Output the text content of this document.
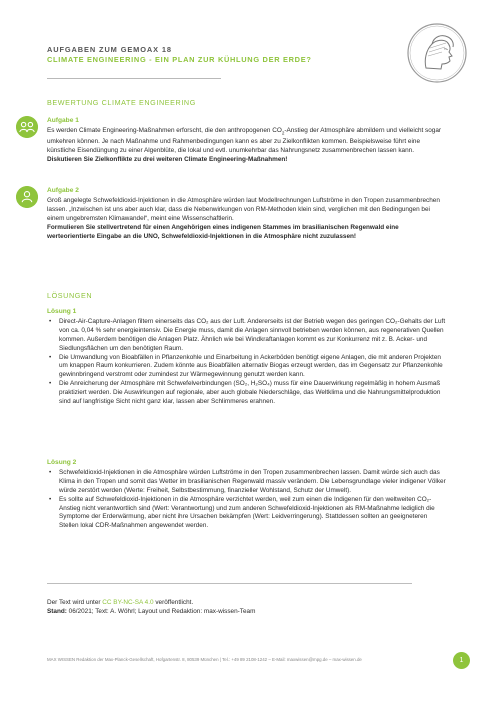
AUFGABEN ZUM GEMOAX 18
CLIMATE ENGINEERING - EIN PLAN ZUR KÜHLUNG DER ERDE?
BEWERTUNG CLIMATE ENGINEERING
Aufgabe 1
Es werden Climate Engineering-Maßnahmen erforscht, die den anthropogenen $CO_2$-Anstieg der Atmosphäre abmildern und vielleicht sogar umkehren können. Je nach Maßnahme und Rahmenbedingungen kann es aber zu Zielkonflikten kommen. Beispielsweise führt eine künstliche Eisendüngung zu einer Algenblüte, die lokal und evtl. unumkehrbar das Nahrungsnetz zusammenbrechen lassen kann.
Diskutieren Sie Zielkonflikte zu drei weiteren Climate Engineering-Maßnahmen!
Aufgabe 2
Groß angelegte Schwefeldioxid-Injektionen in die Atmosphäre würden laut Modellrechnungen Luftströme in den Tropen zusammenbrechen lassen. „Inzwischen ist uns aber auch klar, dass die Nebenwirkungen von RM-Methoden klein sind, verglichen mit den Bedingungen bei einem ungebremsten Klimawandel“, meint eine Wissenschaftlerin.
Formulieren Sie stellvertretend für einen Angehörigen eines indigenen Stammes im brasilianischen Regenwald eine werteorientierte Eingabe an die UNO, Schwefeldioxid-Injektionen in die Atmosphäre nicht zuzulassen!
LÖSUNGEN
Lösung 1
• Direct-Air-Capture-Anlagen filtern einerseits das CO₂ aus der Luft. Andererseits ist der Betrieb wegen des geringen CO₂-Gehalts der Luft von ca. 0,04 % sehr energieintensiv. Die Energie muss, damit die Anlagen sinnvoll betrieben werden können, aus regenerativen Quellen kommen. Außerdem benötigen die Anlagen Platz. Ähnlich wie bei Windkraftanlagen kommt es zur Konkurrenz mit z. B. Acker- und Siedlungsflächen um den benötigten Raum.
• Die Umwandlung von Bioabfällen in Pflanzenkohle und Einarbeitung in Ackerböden benötigt eigene Anlagen, die mit anderen Projekten um knappen Raum konkurrieren. Zudem könnte aus Bioabfällen alternativ Biogas erzeugt werden, das im Gegensatz zur Pflanzenkohle gewinnbringend verstromt oder zumindest zur Wärmegewinnung genutzt werden kann.
• Die Anreicherung der Atmosphäre mit Schwefelverbindungen (SO₂, H₂SO₄) muss für eine Dauerwirkung regelmäßig in hohem Ausmaß praktiziert werden. Die Auswirkungen auf regionale, aber auch globale Niederschläge, das Weltklima und die Nahrungsmittelproduktion sind auf langfristige Sicht nicht ganz klar, lassen aber Schlimmeres erahnen.
Lösung 2
• Schwefeldioxid-Injektionen in die Atmosphäre würden Luftströme in den Tropen zusammenbrechen lassen. Damit würde sich auch das Klima in den Tropen und somit das Wetter im brasilianischen Regenwald massiv verändern. Die Lebensgrundlage vieler indigener Völker würde zerstört werden (Werte: Freiheit, Selbstbestimmung, finanzieller Wohlstand, Schutz der Umwelt).
• Es sollte auf Schwefeldioxid-Injektionen in die Atmosphäre verzichtet werden, weil zum einen die Indigenen für den weltweiten CO₂-Anstieg nicht verantwortlich sind (Wert: Verantwortung) und zum anderen Schwefeldioxid-Injektionen als RM-Maßnahme lediglich die Symptome der Erderwärmung, aber nicht ihre Ursachen bekämpfen (Wert: Leidverringerung). Stattdessen sollten an geeigneteren Stellen lokal CDR-Maßnahmen angewendet werden.
Der Text wird unter CC BY-NC-SA 4.0 veröffentlicht.
Stand: 06/2021; Text: A. Wöhrl; Layout und Redaktion: max-wissen-Team
MAX WISSEN Redaktion der Max-Planck-Gesellschaft, Hofgartenstr. 8, 80539 München | Tel.: +49 89 2108-1242 – E-Mail: maxwissen@mpg.de – max-wissen.de	1
